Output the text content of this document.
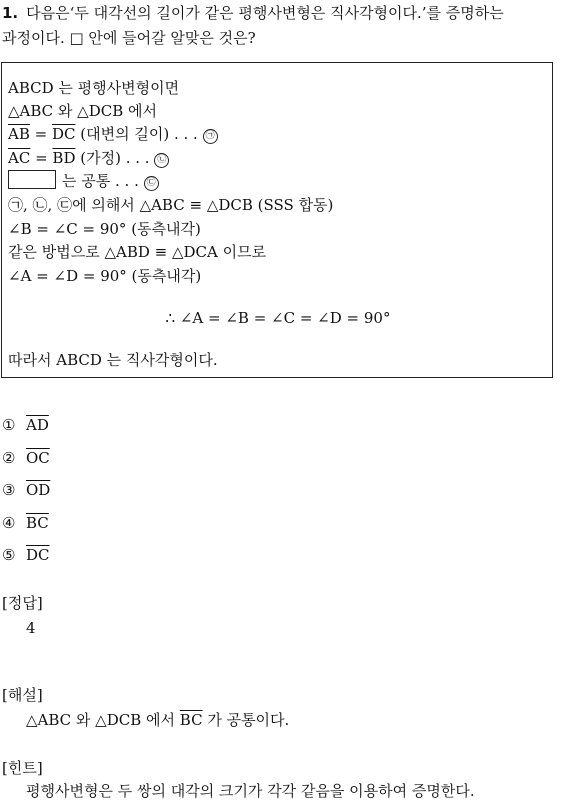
1. 다음은‘두 대각선의 길이가 같은 평행사변형은 직사각형이다.’를 증명하는
과정이다. □ 안에 들어갈 알맞은 것은?
ABCD 는 평행사변형이면
△ABC 와 △DCB 에서
$\overline{AB} = \overline{DC}$ (대변의 길이) . . . ㉠
$\overline{AC} = \overline{BD}$ (가정) . . . ㉡
는 공통 . . . ㉢
㉠, ㉡, ㉢에 의해서 △ABC ≡ △DCB (SSS 합동)
∠B = ∠C = 90° (동측내각)
같은 방법으로 △ABD ≡ △DCA 이므로
∠A = ∠D = 90° (동측내각)
∴ ∠A = ∠B = ∠C = ∠D = 90°
따라서 ABCD 는 직사각형이다.
① $\overline{AD}$
② $\overline{OC}$
③ $\overline{OD}$
④ $\overline{BC}$
⑤ $\overline{DC}$
[정답]
4
[해설]
△ABC 와 △DCB 에서 $\overline{BC}$ 가 공통이다.
[힌트]
평행사변형은 두 쌍의 대각의 크기가 각각 같음을 이용하여 증명한다.
